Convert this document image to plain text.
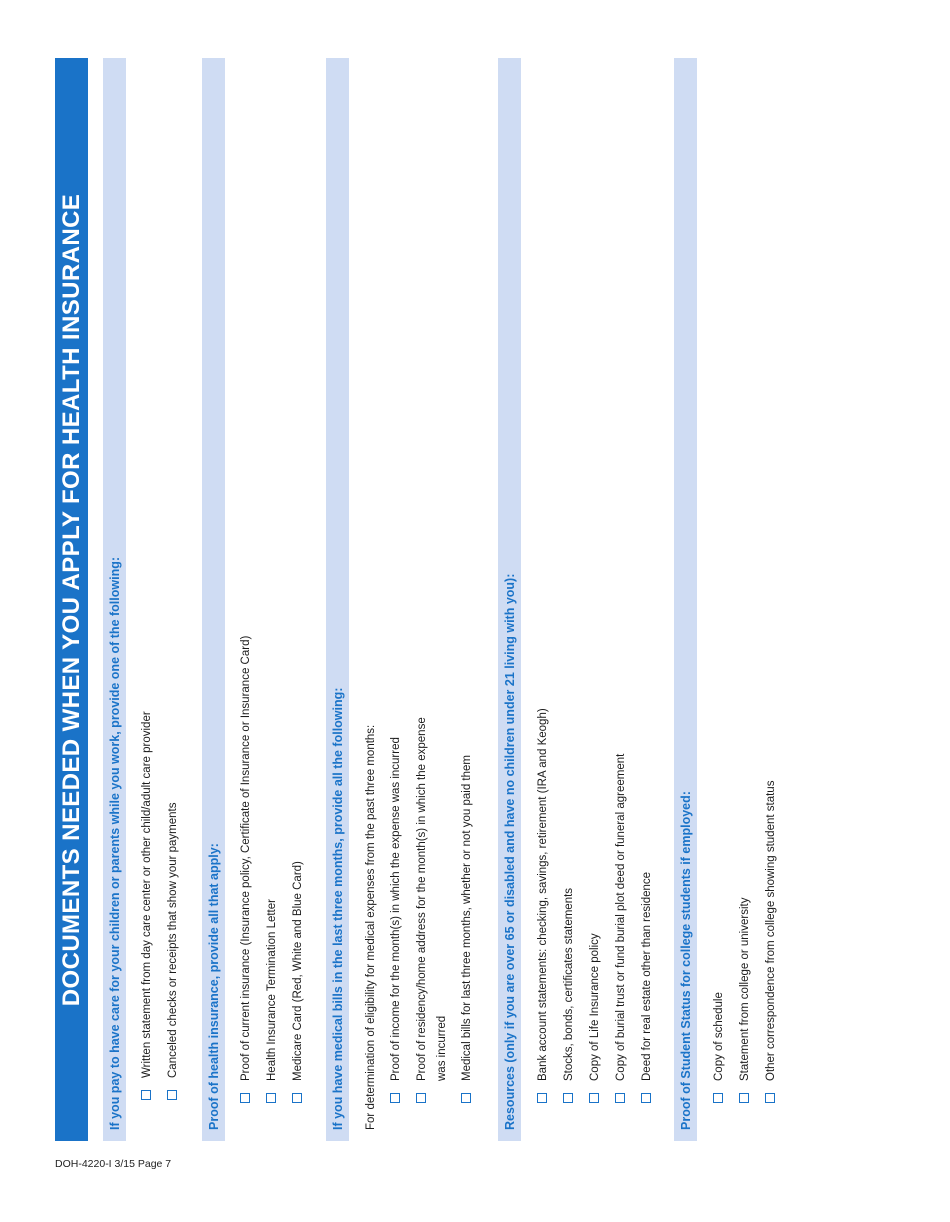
DOCUMENTS NEEDED WHEN YOU APPLY FOR HEALTH INSURANCE If you pay to have care for your children or parents while you work, provide one of the following: Written statement from day care center or other child/adult care provider Canceled checks or receipts that show your payments Proof of health insurance, provide all that apply: Proof of current insurance (Insurance policy, Certificate of Insurance or Insurance Card) Health Insurance Termination Letter Medicare Card (Red, White and Blue Card) If you have medical bills in the last three months, provide all the following: For determination of eligibility for medical expenses from the past three months: Proof of income for the month(s) in which the expense was incurred Proof of residency/home address for the month(s) in which the expense was incurred Medical bills for last three months, whether or not you paid them Resources (only if you are over 65 or disabled and have no children under 21 living with you): Bank account statements: checking, savings, retirement (IRA and Keogh) Stocks, bonds, certificates statements Copy of Life Insurance policy Copy of burial trust or fund burial plot deed or funeral agreement Deed for real estate other than residence Proof of Student Status for college students if employed: Copy of schedule Statement from college or university Other correspondence from college showing student status
DOH-4220-I 3/15 Page 7
